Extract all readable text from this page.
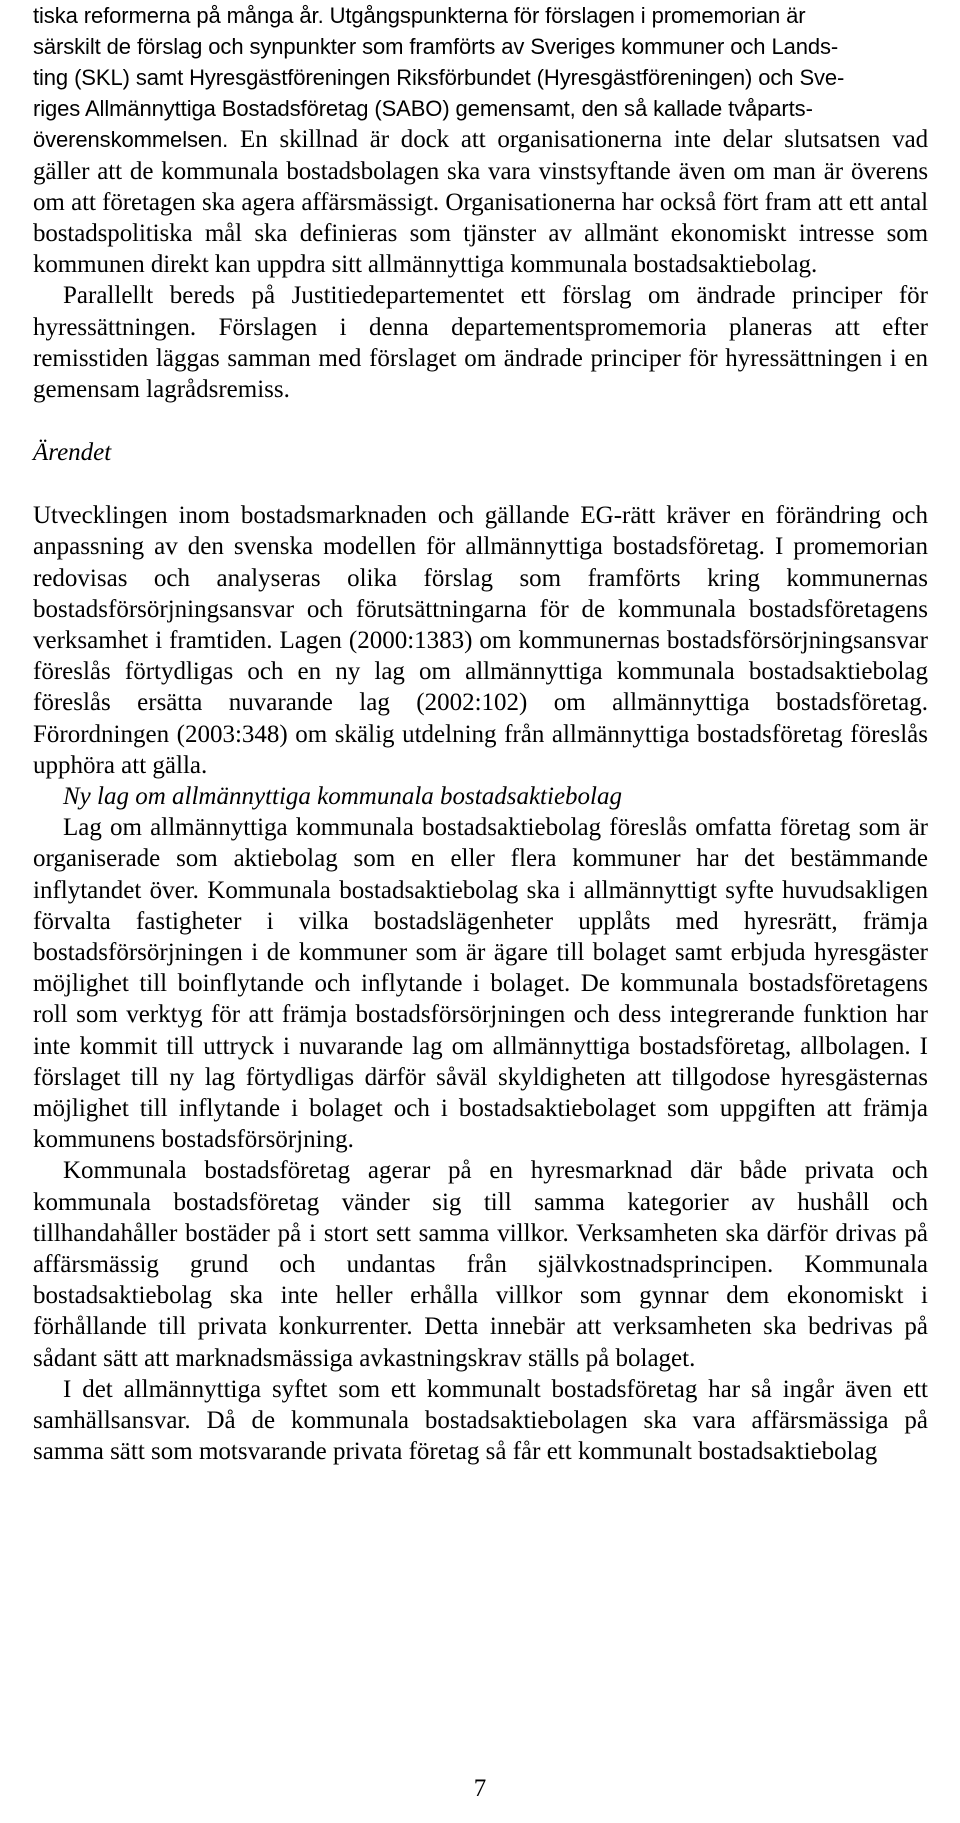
tiska reformerna på många år. Utgångspunkterna för förslagen i promemorian är
särskilt de förslag och synpunkter som framförts av Sveriges kommuner och Lands-
ting (SKL) samt Hyresgästföreningen Riksförbundet (Hyresgästföreningen) och Sve-
riges Allmännyttiga Bostadsföretag (SABO) gemensamt, den så kallade tvåparts-
överenskommelsen. En skillnad är dock att organisationerna inte delar slutsatsen vad gäller att de kommunala bostadsbolagen ska vara vinstsyftande även om man är överens om att företagen ska agera affärsmässigt. Organisationerna har också fört fram att ett antal bostadspolitiska mål ska definieras som tjänster av allmänt ekonomiskt intresse som kommunen direkt kan uppdra sitt allmännyttiga kommunala bostadsaktiebolag.

Parallellt bereds på Justitiedepartementet ett förslag om ändrade principer för hyressättningen. Förslagen i denna departementspromemoria planeras att efter remisstiden läggas samman med förslaget om ändrade principer för hyressättningen i en gemensam lagrådsremiss.

Ärendet

Utvecklingen inom bostadsmarknaden och gällande EG-rätt kräver en förändring och anpassning av den svenska modellen för allmännyttiga bostadsföretag. I promemorian redovisas och analyseras olika förslag som framförts kring kommunernas bostadsförsörjningsansvar och förutsättningarna för de kommunala bostadsföretagens verksamhet i framtiden. Lagen (2000:1383) om kommunernas bostadsförsörjningsansvar föreslås förtydligas och en ny lag om allmännyttiga kommunala bostadsaktiebolag föreslås ersätta nuvarande lag (2002:102) om allmännyttiga bostadsföretag. Förordningen (2003:348) om skälig utdelning från allmännyttiga bostadsföretag föreslås upphöra att gälla.

Ny lag om allmännyttiga kommunala bostadsaktiebolag

Lag om allmännyttiga kommunala bostadsaktiebolag föreslås omfatta företag som är organiserade som aktiebolag som en eller flera kommuner har det bestämmande inflytandet över. Kommunala bostadsaktiebolag ska i allmännyttigt syfte huvudsakligen förvalta fastigheter i vilka bostadslägenheter upplåts med hyresrätt, främja bostadsförsörjningen i de kommuner som är ägare till bolaget samt erbjuda hyresgäster möjlighet till boinflytande och inflytande i bolaget. De kommunala bostadsföretagens roll som verktyg för att främja bostadsförsörjningen och dess integrerande funktion har inte kommit till uttryck i nuvarande lag om allmännyttiga bostadsföretag, allbolagen. I förslaget till ny lag förtydligas därför såväl skyldigheten att tillgodose hyresgästernas möjlighet till inflytande i bolaget och i bostadsaktiebolaget som uppgiften att främja kommunens bostadsförsörjning.

Kommunala bostadsföretag agerar på en hyresmarknad där både privata och kommunala bostadsföretag vänder sig till samma kategorier av hushåll och tillhandahåller bostäder på i stort sett samma villkor. Verksamheten ska därför drivas på affärsmässig grund och undantas från självkostnadsprincipen. Kommunala bostadsaktiebolag ska inte heller erhålla villkor som gynnar dem ekonomiskt i förhållande till privata konkurrenter. Detta innebär att verksamheten ska bedrivas på sådant sätt att marknadsmässiga avkastningskrav ställs på bolaget.

I det allmännyttiga syftet som ett kommunalt bostadsföretag har så ingår även ett samhällsansvar. Då de kommunala bostadsaktiebolagen ska vara affärsmässiga på samma sätt som motsvarande privata företag så får ett kommunalt bostadsaktiebolag

7
